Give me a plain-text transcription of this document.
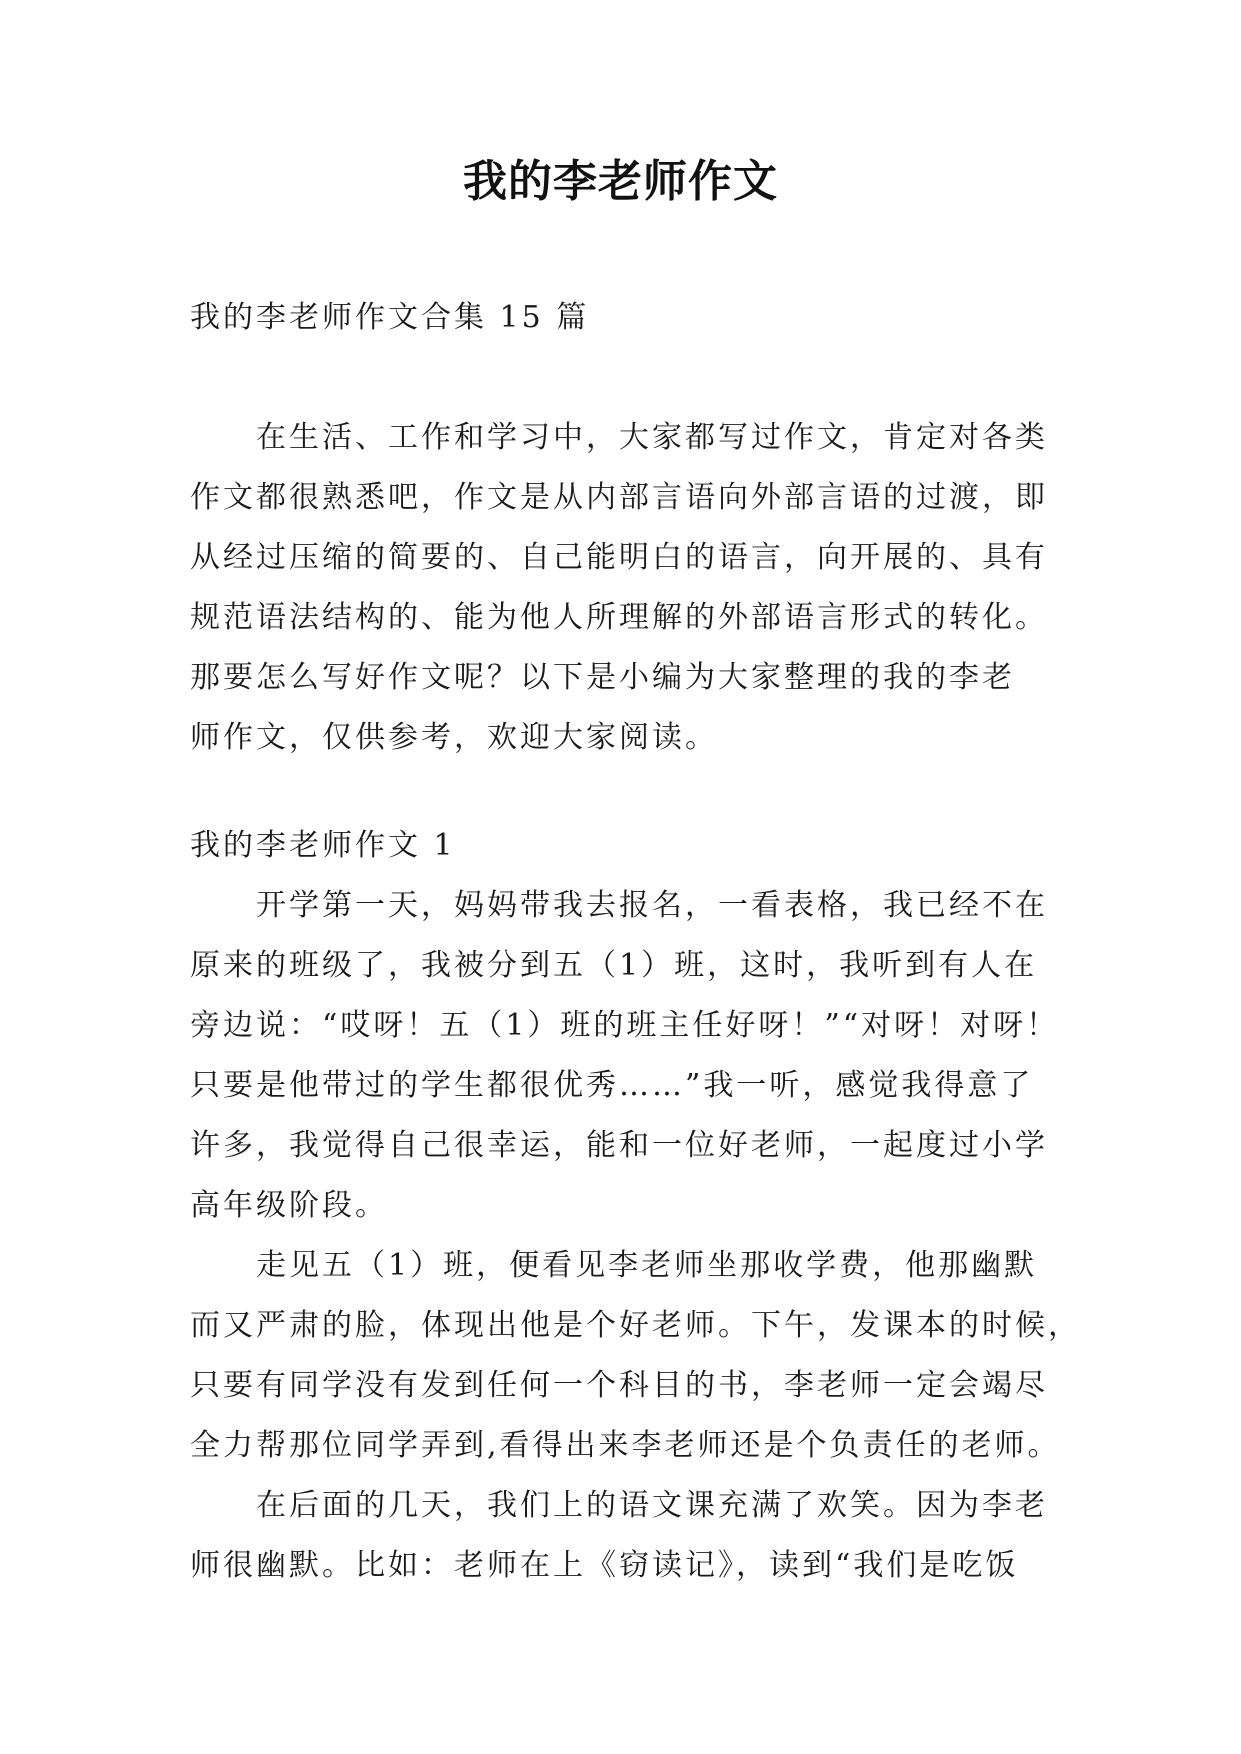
我的李老师作文
我的李老师作文合集 15 篇
在生活、工作和学习中，大家都写过作文，肯定对各类
作文都很熟悉吧，作文是从内部言语向外部言语的过渡，即
从经过压缩的简要的、自己能明白的语言，向开展的、具有
规范语法结构的、能为他人所理解的外部语言形式的转化。
那要怎么写好作文呢？以下是小编为大家整理的我的李老
师作文，仅供参考，欢迎大家阅读。
我的李老师作文 1
开学第一天，妈妈带我去报名，一看表格，我已经不在
原来的班级了，我被分到五（1）班，这时，我听到有人在
旁边说：“哎呀！五（1）班的班主任好呀！”“对呀！对呀！
只要是他带过的学生都很优秀……”我一听，感觉我得意了
许多，我觉得自己很幸运，能和一位好老师，一起度过小学
高年级阶段。
走见五（1）班，便看见李老师坐那收学费，他那幽默
而又严肃的脸，体现出他是个好老师。下午，发课本的时候，
只要有同学没有发到任何一个科目的书，李老师一定会竭尽
全力帮那位同学弄到,看得出来李老师还是个负责任的老师。
在后面的几天，我们上的语文课充满了欢笑。因为李老
师很幽默。比如：老师在上《窃读记》，读到“我们是吃饭
